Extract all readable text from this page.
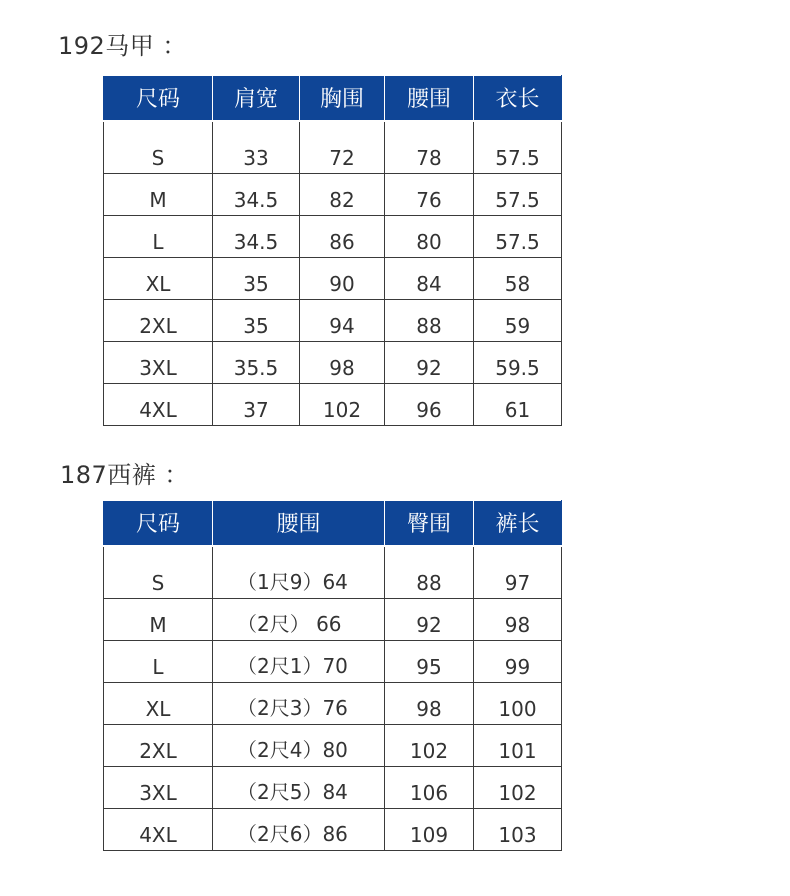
192马甲 ：
尺码	肩宽	胸围	腰围	衣长
S	33	72	78	57.5
M	34.5	82	76	57.5
L	34.5	86	80	57.5
XL	35	90	84	58
2XL	35	94	88	59
3XL	35.5	98	92	59.5
4XL	37	102	96	61
187西裤 ：
尺码	腰围	臀围	裤长
S	（1尺9）64	88	97
M	（2尺） 66	92	98
L	（2尺1）70	95	99
XL	（2尺3）76	98	100
2XL	（2尺4）80	102	101
3XL	（2尺5）84	106	102
4XL	（2尺6）86	109	103
